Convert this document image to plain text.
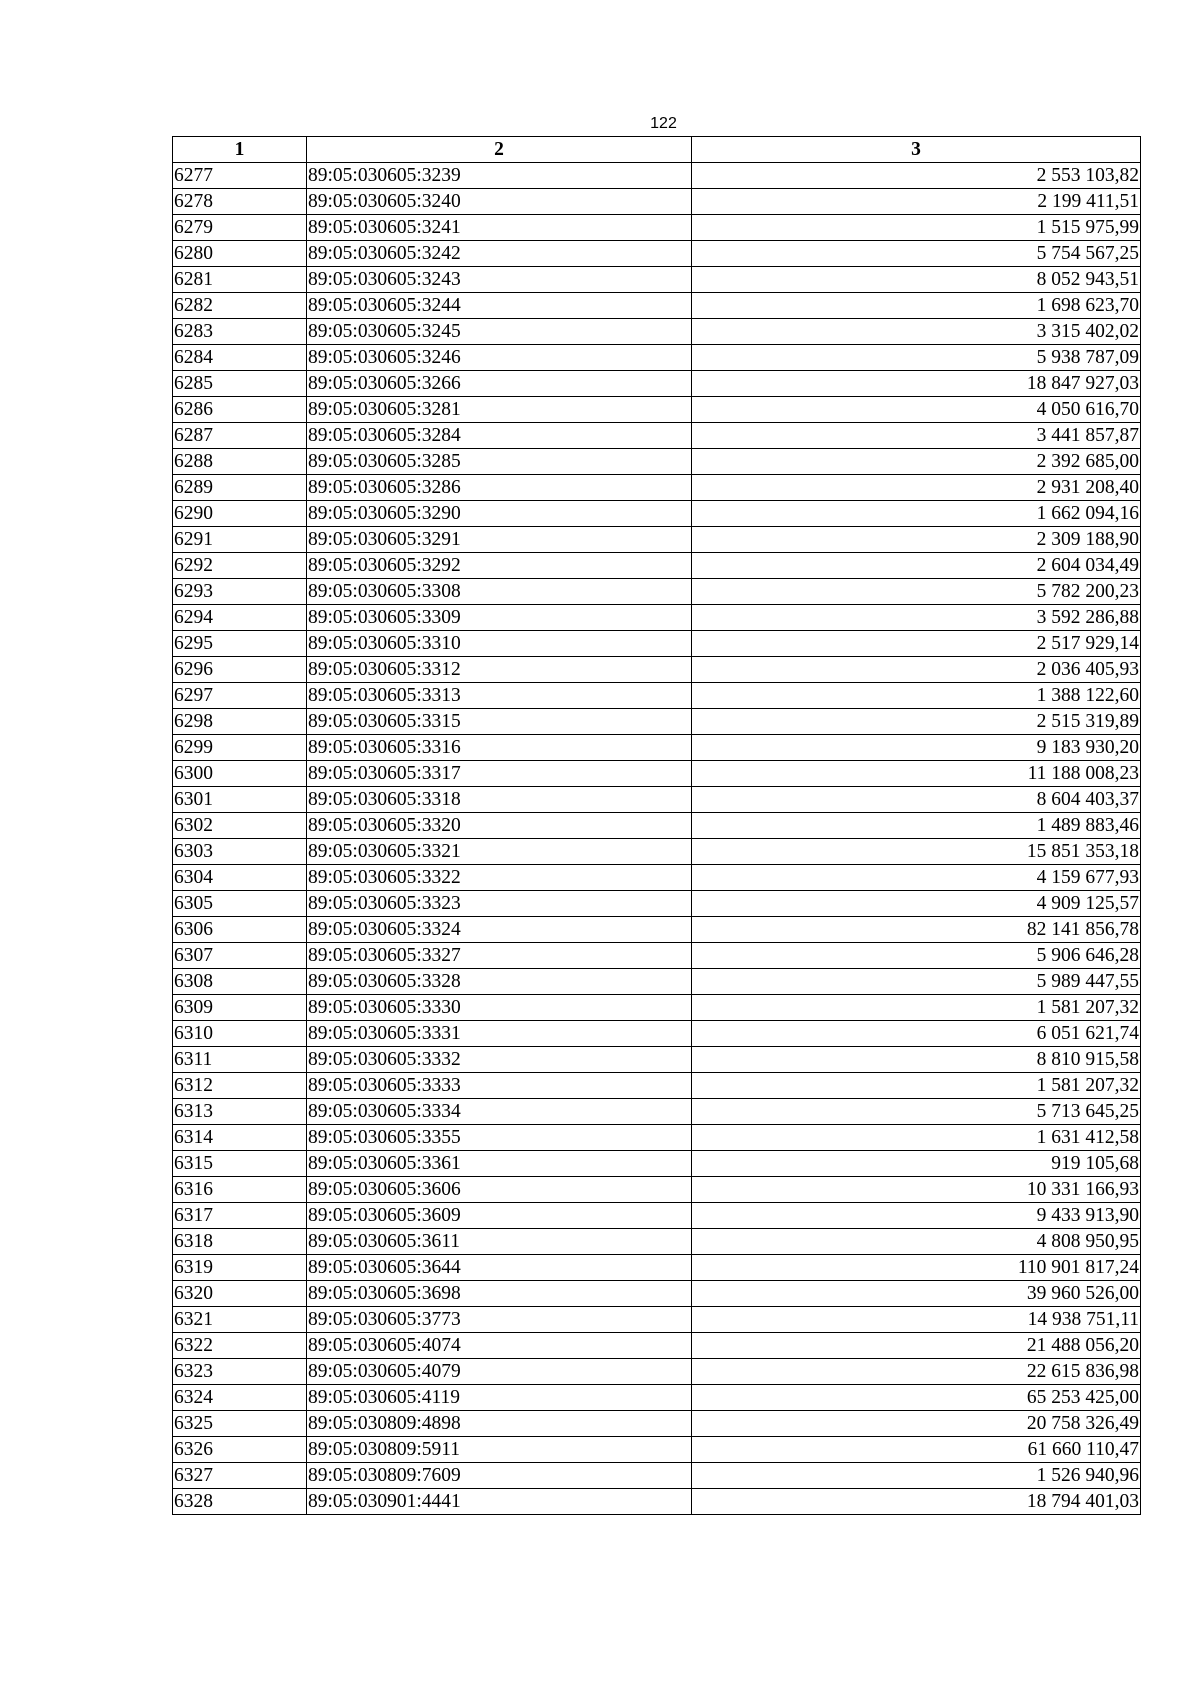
122
1	2	3
6277	89:05:030605:3239	2 553 103,82
6278	89:05:030605:3240	2 199 411,51
6279	89:05:030605:3241	1 515 975,99
6280	89:05:030605:3242	5 754 567,25
6281	89:05:030605:3243	8 052 943,51
6282	89:05:030605:3244	1 698 623,70
6283	89:05:030605:3245	3 315 402,02
6284	89:05:030605:3246	5 938 787,09
6285	89:05:030605:3266	18 847 927,03
6286	89:05:030605:3281	4 050 616,70
6287	89:05:030605:3284	3 441 857,87
6288	89:05:030605:3285	2 392 685,00
6289	89:05:030605:3286	2 931 208,40
6290	89:05:030605:3290	1 662 094,16
6291	89:05:030605:3291	2 309 188,90
6292	89:05:030605:3292	2 604 034,49
6293	89:05:030605:3308	5 782 200,23
6294	89:05:030605:3309	3 592 286,88
6295	89:05:030605:3310	2 517 929,14
6296	89:05:030605:3312	2 036 405,93
6297	89:05:030605:3313	1 388 122,60
6298	89:05:030605:3315	2 515 319,89
6299	89:05:030605:3316	9 183 930,20
6300	89:05:030605:3317	11 188 008,23
6301	89:05:030605:3318	8 604 403,37
6302	89:05:030605:3320	1 489 883,46
6303	89:05:030605:3321	15 851 353,18
6304	89:05:030605:3322	4 159 677,93
6305	89:05:030605:3323	4 909 125,57
6306	89:05:030605:3324	82 141 856,78
6307	89:05:030605:3327	5 906 646,28
6308	89:05:030605:3328	5 989 447,55
6309	89:05:030605:3330	1 581 207,32
6310	89:05:030605:3331	6 051 621,74
6311	89:05:030605:3332	8 810 915,58
6312	89:05:030605:3333	1 581 207,32
6313	89:05:030605:3334	5 713 645,25
6314	89:05:030605:3355	1 631 412,58
6315	89:05:030605:3361	919 105,68
6316	89:05:030605:3606	10 331 166,93
6317	89:05:030605:3609	9 433 913,90
6318	89:05:030605:3611	4 808 950,95
6319	89:05:030605:3644	110 901 817,24
6320	89:05:030605:3698	39 960 526,00
6321	89:05:030605:3773	14 938 751,11
6322	89:05:030605:4074	21 488 056,20
6323	89:05:030605:4079	22 615 836,98
6324	89:05:030605:4119	65 253 425,00
6325	89:05:030809:4898	20 758 326,49
6326	89:05:030809:5911	61 660 110,47
6327	89:05:030809:7609	1 526 940,96
6328	89:05:030901:4441	18 794 401,03
